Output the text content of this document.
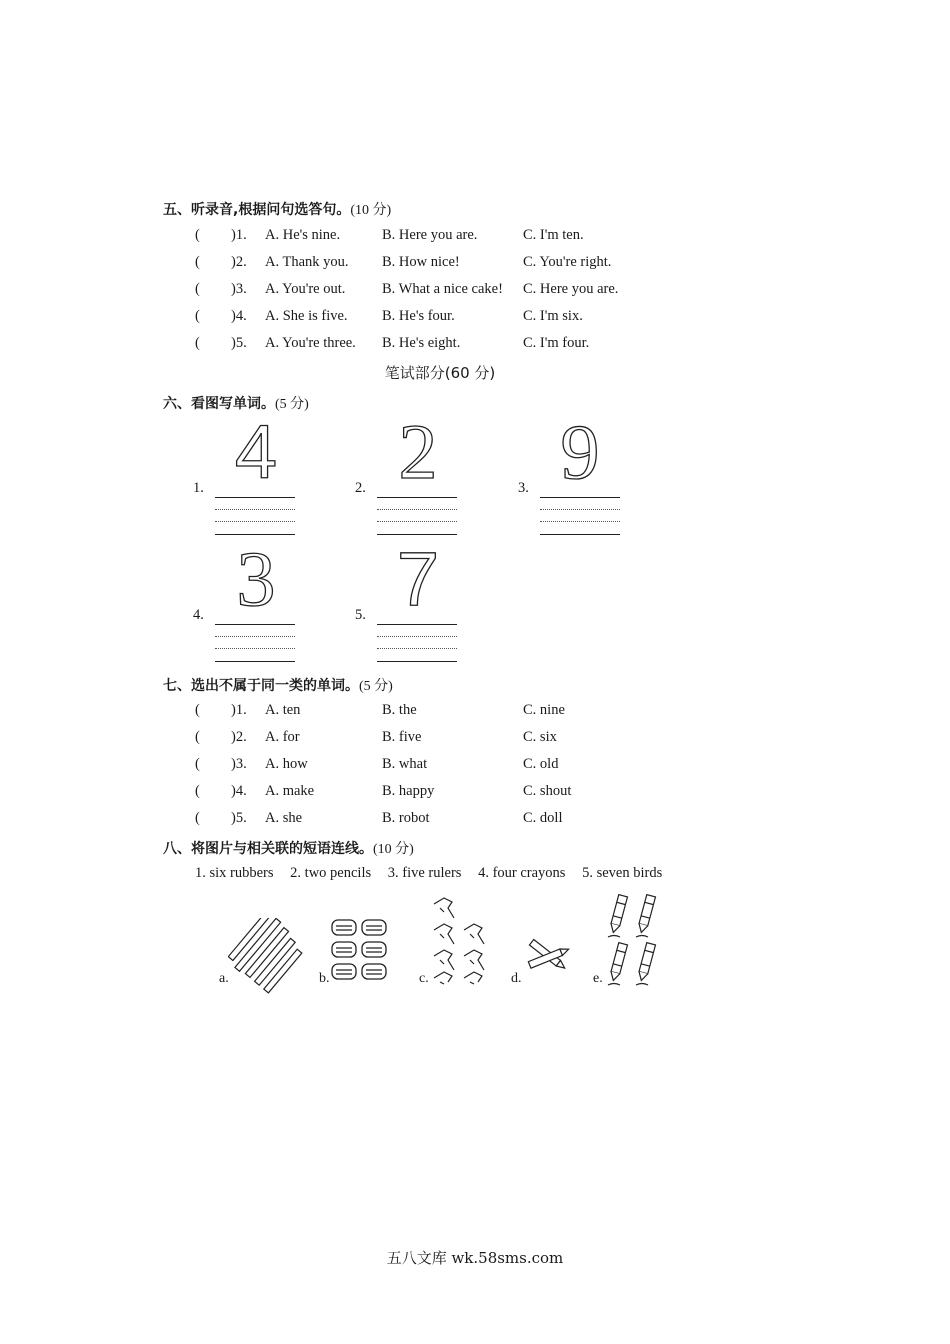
五、听录音,根据问句选答句。(10 分)
( )1. A. He's nine.	B. Here you are.	C. I'm ten.
( )2. A. Thank you. B. How nice!	C. You're right.
( )3. A. You're out.	B. What a nice cake! C. Here you are.
( )4. A. She is five. B. He's four.	C. I'm six.
( )5. A. You're three. B. He's eight.	C. I'm four.
笔试部分(60 分)
六、看图写单词。(5 分)
1. 4	2. 2	3. 9
4. 3	5. 7
七、选出不属于同一类的单词。(5 分)
( )1. A. ten	B. the	C. nine
( )2. A. for	B. five	C. six
( )3. A. how	B. what	C. old
( )4. A. make	B. happy	C. shout
( )5. A. she	B. robot	C. doll
八、将图片与相关联的短语连线。(10 分)
1. six rubbers 2. two pencils 3. five rulers 4. four crayons 5. seven birds
a.	b.	c.	d.	e.
五八文库 wk.58sms.com
